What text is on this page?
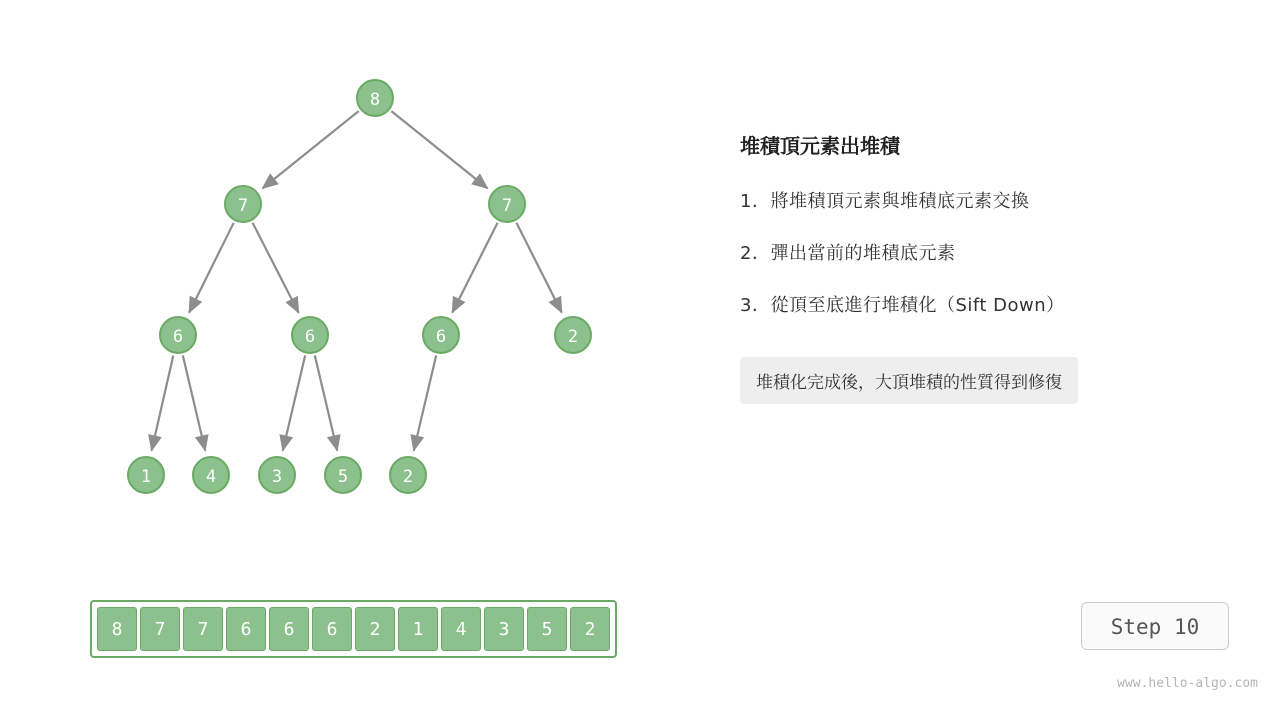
8
7	7
6	6	6	2
1	4	3	5	2
8	7	7	6	6	6	2	1	4	3	5	2
堆積頂元素出堆積
1．將堆積頂元素與堆積底元素交換
2．彈出當前的堆積底元素
3．從頂至底進行堆積化（Sift Down）
堆積化完成後，大頂堆積的性質得到修復
Step 10
www.hello-algo.com
